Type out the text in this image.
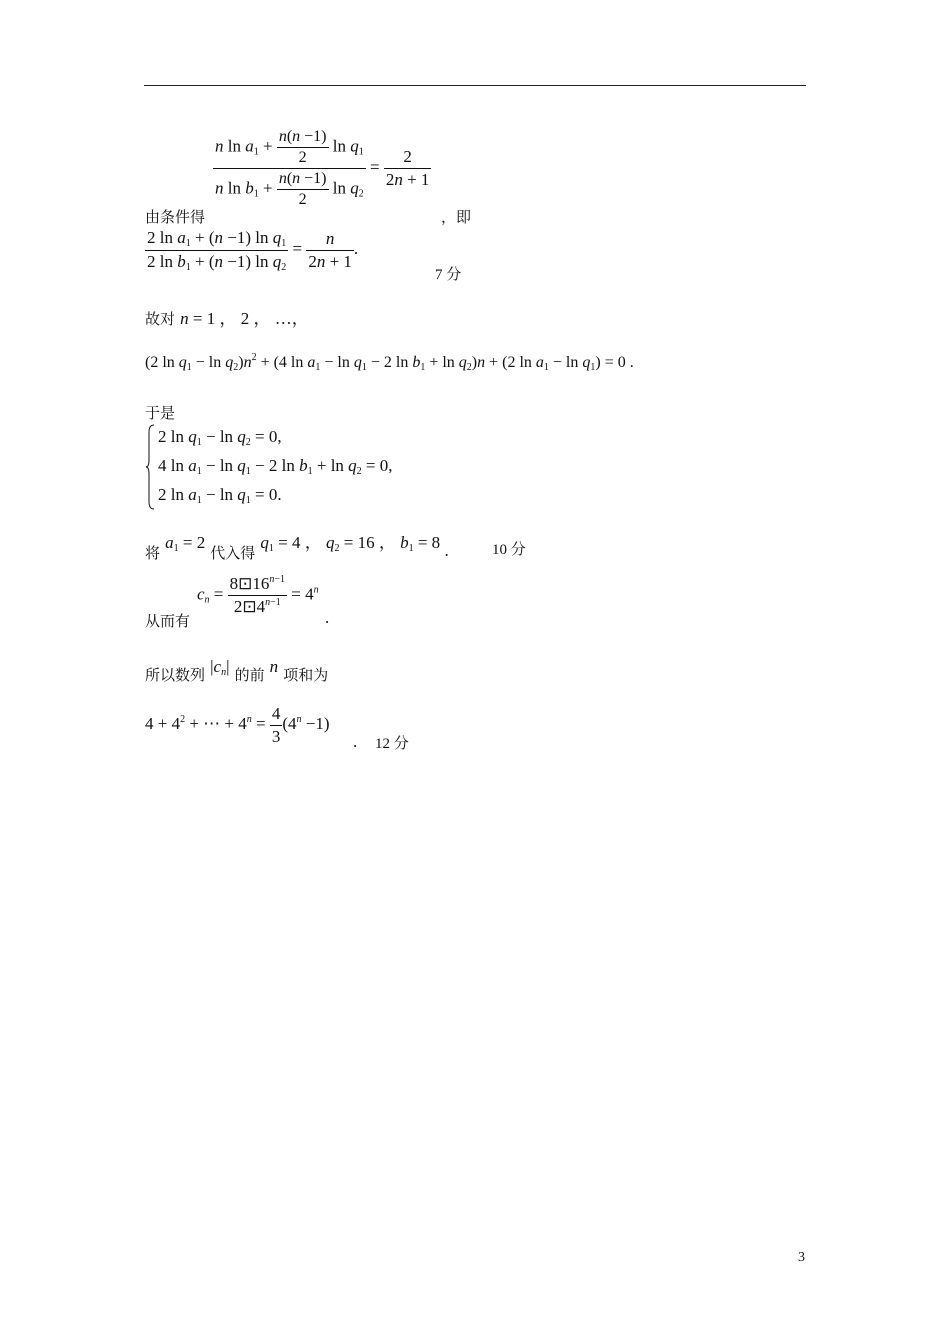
由条件得
$\frac{n \ln a_1 + \frac{n(n -1)}{2} \ln q_1}{n \ln b_1 + \frac{n(n -1)}{2} \ln q_2} = \frac{2}{2n + 1}$
，即
$\frac{2 \ln a_1 + (n -1) \ln q_1}{2 \ln b_1 + (n -1) \ln q_2} = \frac{n}{2n + 1}$ .
7 分
故对 n = 1 ， 2 ， …，
(2 $\ln q_1 - \ln q_2)n^2 + (4$ $\ln a_1 - \ln q_1 - 2$ $\ln b_1 + \ln q_2)n + (2$ $\ln a_1 - \ln q_1) = 0$ .
于是
2 $\ln q_1 - \ln q_2 = 0$,
4 $\ln a_1 - \ln q_1 - 2$ $\ln b_1 + \ln q_2 = 0$,
2 $\ln a_1 - \ln q_1 = 0$.
将 $a_1 = 2$ 代入得 $q_1 = 4$ ， $q_2 = 16$ ， $b_1 = 8$ .	10 分
从而有
$c_n = \frac{8⊡16^{n-1}}{2⊡4^{n-1}} = 4^n$
.
所以数列 $|c_n|$ 的前 n 项和为
$4 + 4^2$ + ⋯ + $4^n = \frac{4}{3} (4^n -1)$
. 12 分
3
